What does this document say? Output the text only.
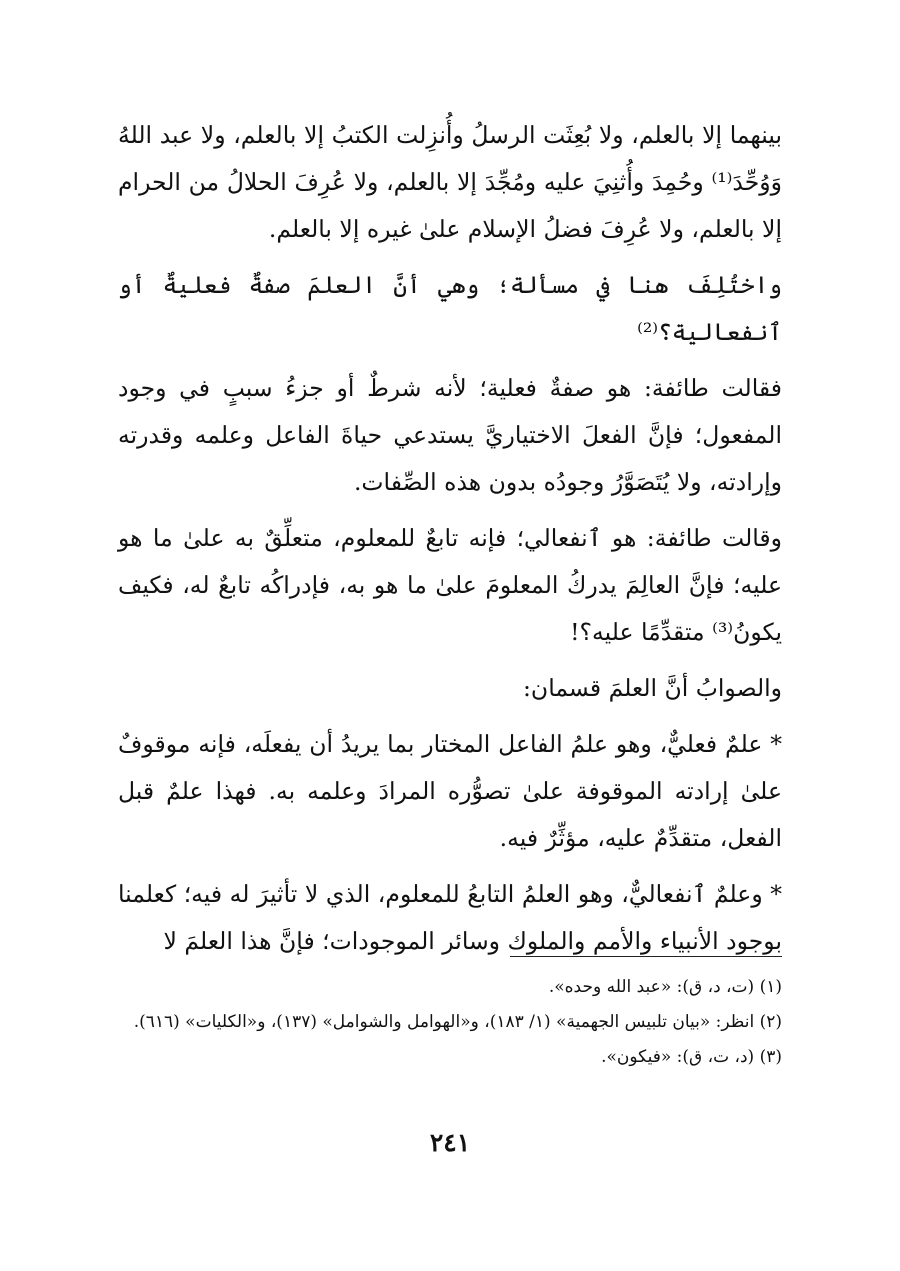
بينهما إلا بالعلم، ولا بُعِثَت الرسلُ وأُنزِلت الكتبُ إلا بالعلم، ولا عبد اللهُ وَوُحِّدَ⁽¹⁾ وحُمِدَ وأُثنِيَ عليه ومُجِّدَ إلا بالعلم، ولا عُرِفَ الحلالُ من الحرام إلا بالعلم، ولا عُرِفَ فضلُ الإسلام علىٰ غيره إلا بالعلم.

واختُلِفَ هنا في مسألة؛ وهي أنَّ العلمَ صفةٌ فعليةٌ أو ٱنفعالية؟⁽²⁾

فقالت طائفة: هو صفةٌ فعلية؛ لأنه شرطٌ أو جزءُ سببٍ في وجود المفعول؛ فإنَّ الفعلَ الاختياريَّ يستدعي حياةَ الفاعل وعلمه وقدرته وإرادته، ولا يُتَصَوَّرُ وجودُه بدون هذه الصِّفات.

وقالت طائفة: هو ٱنفعالي؛ فإنه تابعٌ للمعلوم، متعلِّقٌ به علىٰ ما هو عليه؛ فإنَّ العالِمَ يدركُ المعلومَ علىٰ ما هو به، فإدراكُه تابعٌ له، فكيف يكونُ⁽³⁾ متقدِّمًا عليه؟!

والصوابُ أنَّ العلمَ قسمان:

* علمٌ فعليٌّ، وهو علمُ الفاعل المختار بما يريدُ أن يفعلَه، فإنه موقوفٌ علىٰ إرادته الموقوفة علىٰ تصوُّره المرادَ وعلمه به. فهذا علمٌ قبل الفعل، متقدِّمٌ عليه، مؤثِّرٌ فيه.

* وعلمٌ ٱنفعاليٌّ، وهو العلمُ التابعُ للمعلوم، الذي لا تأثيرَ له فيه؛ كعلمنا بوجود الأنبياء والأمم والملوك وسائر الموجودات؛ فإنَّ هذا العلمَ لا

(١) (ت، د، ق): «عبد الله وحده».

(٢) انظر: «بيان تلبيس الجهمية» (١/ ١٨٣)، و«الهوامل والشوامل» (١٣٧)، و«الكليات» (٦١٦).

(٣) (د، ت، ق): «فيكون».

٢٤١
